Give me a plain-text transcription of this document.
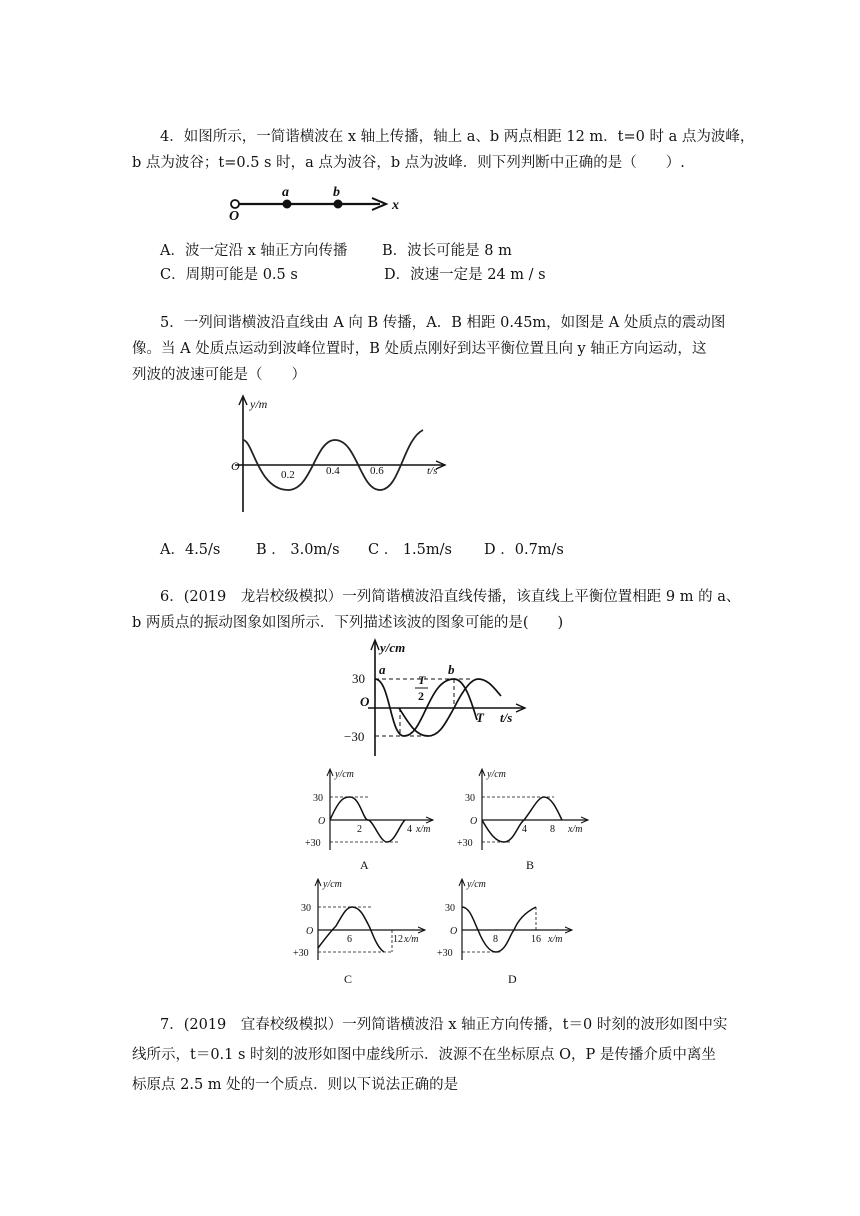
4．如图所示，一简谐横波在 x 轴上传播，轴上 a、b 两点相距 12 m．t=0 时 a 点为波峰，
b 点为波谷；t=0.5 s 时，a 点为波谷，b 点为波峰．则下列判断中正确的是（　　）.
O
a	b
x
A．波一定沿 x 轴正方向传播 B．波长可能是 8 m
C．周期可能是 0.5 s	D．波速一定是 24 m / s
5．一列间谐横波沿直线由 A 向 B 传播，A．B 相距 0.45m，如图是 A 处质点的震动图
像。当 A 处质点运动到波峰位置时，B 处质点刚好到达平衡位置且向 y 轴正方向运动，这
列波的波速可能是（　　）
y/m
O
0.2	0.4	0.6	t/s
A．4.5/s B ． 3.0m/s C ． 1.5m/s D ．0.7m/s
6．(2019　龙岩校级模拟）一列简谐横波沿直线传播，该直线上平衡位置相距 9 m 的 a、
b 两质点的振动图象如图所示．下列描述该波的图象可能的是(　　)
y/cm
30
O
−30
a	b
T
2
T t/s
y/cm
30
O
+30
2	4 x/m
A
y/cm
30
O
+30
4 8 x/m
B
y/cm
30
O
+30
6	12 x/m
C
y/cm
30
O
+30
8	16 x/m
D
7．(2019　宜春校级模拟）一列简谐横波沿 x 轴正方向传播，t＝0 时刻的波形如图中实
线所示，t＝0.1 s 时刻的波形如图中虚线所示．波源不在坐标原点 O，P 是传播介质中离坐
标原点 2.5 m 处的一个质点．则以下说法正确的是
